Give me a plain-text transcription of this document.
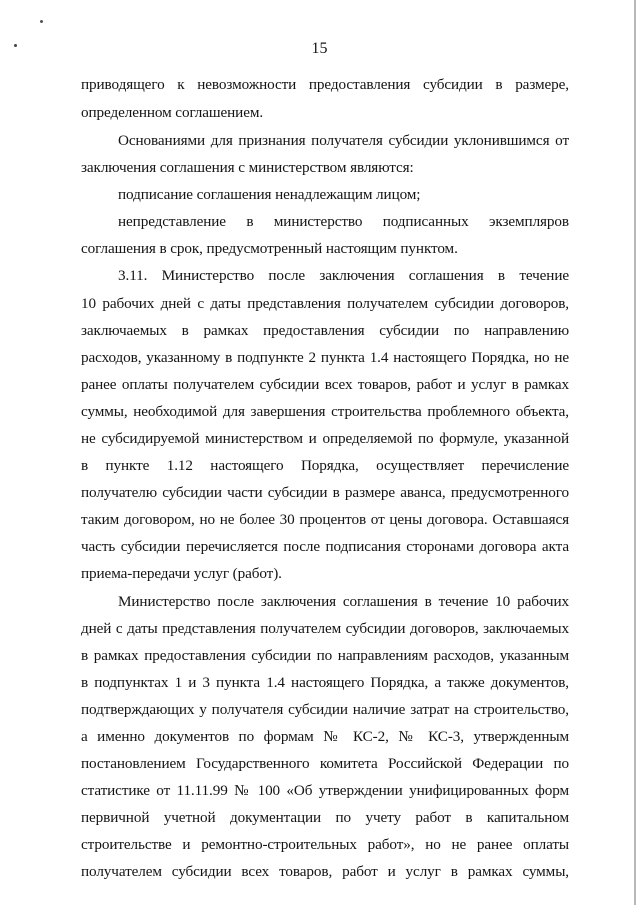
15
приводящего к невозможности предоставления субсидии в размере,
определенном соглашением.
Основаниями для признания получателя субсидии уклонившимся от
заключения соглашения с министерством являются:
подписание соглашения ненадлежащим лицом;
непредставление в министерство подписанных экземпляров
соглашения в срок, предусмотренный настоящим пунктом.
3.11. Министерство после заключения соглашения в течение
10 рабочих дней с даты представления получателем субсидии договоров,
заключаемых в рамках предоставления субсидии по направлению
расходов, указанному в подпункте 2 пункта 1.4 настоящего Порядка, но не
ранее оплаты получателем субсидии всех товаров, работ и услуг в рамках
суммы, необходимой для завершения строительства проблемного объекта,
не субсидируемой министерством и определяемой по формуле, указанной
в пункте 1.12 настоящего Порядка, осуществляет перечисление
получателю субсидии части субсидии в размере аванса, предусмотренного
таким договором, но не более 30 процентов от цены договора. Оставшаяся
часть субсидии перечисляется после подписания сторонами договора акта
приема-передачи услуг (работ).
Министерство после заключения соглашения в течение 10 рабочих
дней с даты представления получателем субсидии договоров, заключаемых
в рамках предоставления субсидии по направлениям расходов, указанным
в подпунктах 1 и 3 пункта 1.4 настоящего Порядка, а также документов,
подтверждающих у получателя субсидии наличие затрат на строительство,
а именно документов по формам № КС-2, № КС-3, утвержденным
постановлением Государственного комитета Российской Федерации по
статистике от 11.11.99 № 100 «Об утверждении унифицированных форм
первичной учетной документации по учету работ в капитальном
строительстве и ремонтно-строительных работ», но не ранее оплаты
получателем субсидии всех товаров, работ и услуг в рамках суммы,
